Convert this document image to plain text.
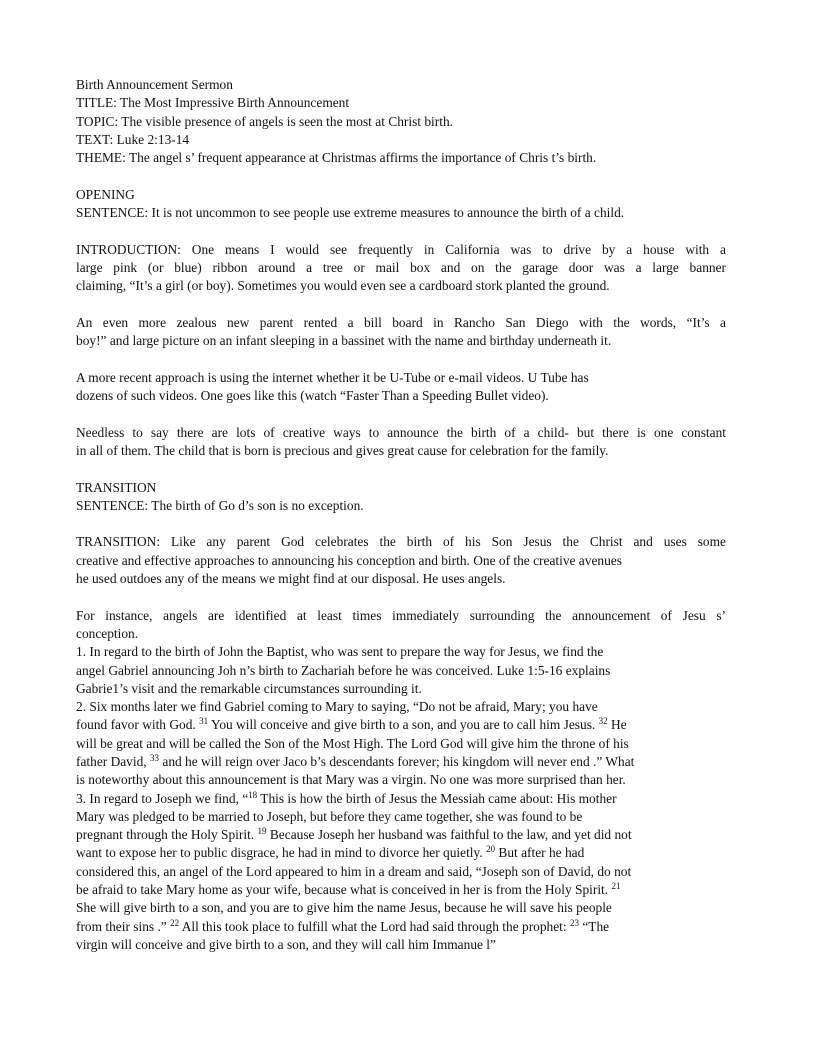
Birth Announcement Sermon
TITLE: The Most Impressive Birth Announcement
TOPIC: The visible presence of angels is seen the most at Christ birth.
TEXT: Luke 2:13-14
THEME: The angel s’ frequent appearance at Christmas affirms the importance of Chris t’s birth.
OPENING
SENTENCE: It is not uncommon to see people use extreme measures to announce the birth of a child.
INTRODUCTION: One means I would see frequently in California was to drive by a house with a
large pink (or blue) ribbon around a tree or mail box and on the garage door was a large banner
claiming, “It’s a girl (or boy). Sometimes you would even see a cardboard stork planted the ground.
An even more zealous new parent rented a bill board in Rancho San Diego with the words, “It’s a
boy!” and large picture on an infant sleeping in a bassinet with the name and birthday underneath it.
A more recent approach is using the internet whether it be U-Tube or e-mail videos. U Tube has
dozens of such videos. One goes like this (watch “Faster Than a Speeding Bullet video).
Needless to say there are lots of creative ways to announce the birth of a child- but there is one constant
in all of them. The child that is born is precious and gives great cause for celebration for the family.
TRANSITION
SENTENCE: The birth of Go d’s son is no exception.
TRANSITION: Like any parent God celebrates the birth of his Son Jesus the Christ and uses some
creative and effective approaches to announcing his conception and birth. One of the creative avenues
he used outdoes any of the means we might find at our disposal. He uses angels.
For instance, angels are identified at least times immediately surrounding the announcement of Jesu s’
conception.
1. In regard to the birth of John the Baptist, who was sent to prepare the way for Jesus, we find the
angel Gabriel announcing Joh n’s birth to Zachariah before he was conceived. Luke 1:5-16 explains
Gabrie1’s visit and the remarkable circumstances surrounding it.
2. Six months later we find Gabriel coming to Mary to saying, “Do not be afraid, Mary; you have
found favor with God. $^{31}$ You will conceive and give birth to a son, and you are to call him Jesus. $^{32}$ He
will be great and will be called the Son of the Most High. The Lord God will give him the throne of his
father David, $^{33}$ and he will reign over Jaco b’s descendants forever; his kingdom will never end .” What
is noteworthy about this announcement is that Mary was a virgin. No one was more surprised than her.
3. In regard to Joseph we find, “$^{18}$ This is how the birth of Jesus the Messiah came about: His mother
Mary was pledged to be married to Joseph, but before they came together, she was found to be
pregnant through the Holy Spirit. $^{19}$ Because Joseph her husband was faithful to the law, and yet did not
want to expose her to public disgrace, he had in mind to divorce her quietly. $^{20}$ But after he had
considered this, an angel of the Lord appeared to him in a dream and said, “Joseph son of David, do not
be afraid to take Mary home as your wife, because what is conceived in her is from the Holy Spirit. $^{21}$
She will give birth to a son, and you are to give him the name Jesus, because he will save his people
from their sins .” $^{22}$ All this took place to fulfill what the Lord had said through the prophet: $^{23}$ “The
virgin will conceive and give birth to a son, and they will call him Immanue l”
